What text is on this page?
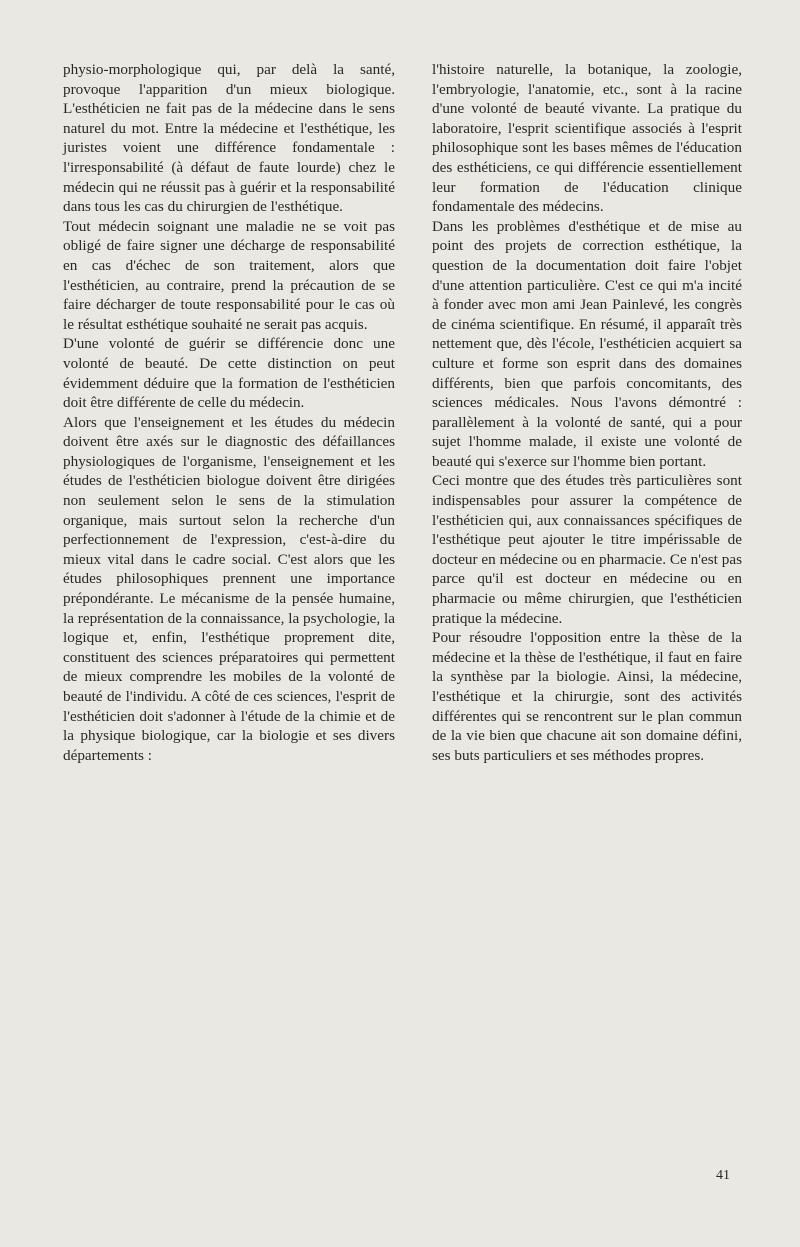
physio-morphologique qui, par delà la santé, provoque l'apparition d'un mieux biologique. L'esthéticien ne fait pas de la médecine dans le sens naturel du mot. Entre la médecine et l'esthétique, les juristes voient une différence fondamentale : l'irresponsabilité (à défaut de faute lourde) chez le médecin qui ne réussit pas à guérir et la responsabilité dans tous les cas du chirurgien de l'esthétique.

Tout médecin soignant une maladie ne se voit pas obligé de faire signer une décharge de responsabilité en cas d'échec de son traitement, alors que l'esthéticien, au contraire, prend la précaution de se faire décharger de toute responsabilité pour le cas où le résultat esthétique souhaité ne serait pas acquis.

D'une volonté de guérir se différencie donc une volonté de beauté. De cette distinction on peut évidemment déduire que la formation de l'esthéticien doit être différente de celle du médecin.

Alors que l'enseignement et les études du médecin doivent être axés sur le diagnostic des défaillances physiologiques de l'organisme, l'enseignement et les études de l'esthéticien biologue doivent être dirigées non seulement selon le sens de la stimulation organique, mais surtout selon la recherche d'un perfectionnement de l'expression, c'est-à-dire du mieux vital dans le cadre social. C'est alors que les études philosophiques prennent une importance prépondérante. Le mécanisme de la pensée humaine, la représentation de la connaissance, la psychologie, la logique et, enfin, l'esthétique proprement dite, constituent des sciences préparatoires qui permettent de mieux comprendre les mobiles de la volonté de beauté de l'individu. A côté de ces sciences, l'esprit de l'esthéticien doit s'adonner à l'étude de la chimie et de la physique biologique, car la biologie et ses divers départements :

l'histoire naturelle, la botanique, la zoologie, l'embryologie, l'anatomie, etc., sont à la racine d'une volonté de beauté vivante. La pratique du laboratoire, l'esprit scientifique associés à l'esprit philosophique sont les bases mêmes de l'éducation des esthéticiens, ce qui différencie essentiellement leur formation de l'éducation clinique fondamentale des médecins.

Dans les problèmes d'esthétique et de mise au point des projets de correction esthétique, la question de la documentation doit faire l'objet d'une attention particulière. C'est ce qui m'a incité à fonder avec mon ami Jean Painlevé, les congrès de cinéma scientifique. En résumé, il apparaît très nettement que, dès l'école, l'esthéticien acquiert sa culture et forme son esprit dans des domaines différents, bien que parfois concomitants, des sciences médicales. Nous l'avons démontré : parallèlement à la volonté de santé, qui a pour sujet l'homme malade, il existe une volonté de beauté qui s'exerce sur l'homme bien portant.

Ceci montre que des études très particulières sont indispensables pour assurer la compétence de l'esthéticien qui, aux connaissances spécifiques de l'esthétique peut ajouter le titre impérissable de docteur en médecine ou en pharmacie. Ce n'est pas parce qu'il est docteur en médecine ou en pharmacie ou même chirurgien, que l'esthéticien pratique la médecine.

Pour résoudre l'opposition entre la thèse de la médecine et la thèse de l'esthétique, il faut en faire la synthèse par la biologie. Ainsi, la médecine, l'esthétique et la chirurgie, sont des activités différentes qui se rencontrent sur le plan commun de la vie bien que chacune ait son domaine défini, ses buts particuliers et ses méthodes propres.

41
